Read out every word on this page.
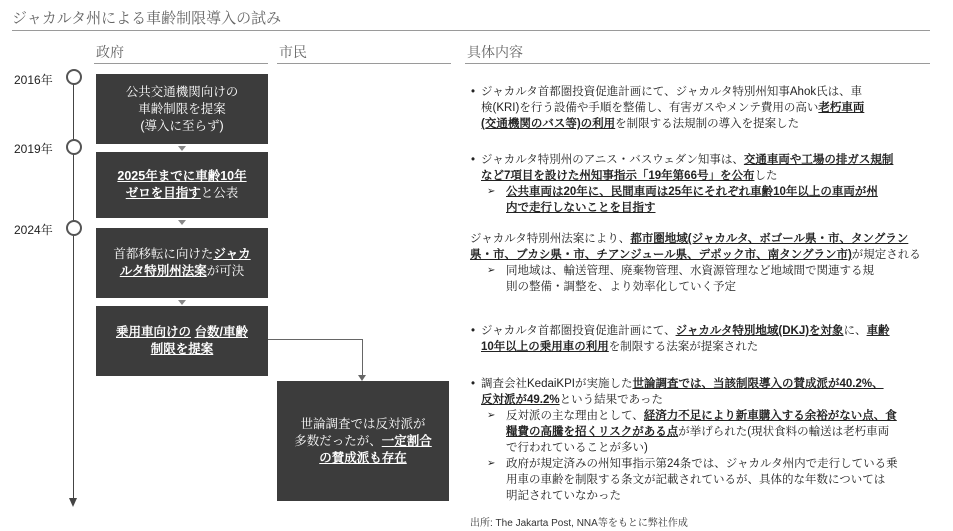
ジャカルタ州による車齢制限導入の試み
政府	市民	具体内容
2016年
2019年
2024年
公共交通機関向けの
車齢制限を提案
(導入に至らず)
2025年までに車齢10年
ゼロを目指すと公表
首都移転に向けたジャカ
ルタ特別州法案が可決
乗用車向けの 台数/車齢
制限を提案
世論調査では反対派が
多数だったが、一定割合
の賛成派も存在
• ジャカルタ首都圏投資促進計画にて、ジャカルタ特別州知事Ahok氏は、車
検(KRI)を行う設備や手順を整備し、有害ガスやメンテ費用の高い老朽車両
(交通機関のバス等)の利用を制限する法規制の導入を提案した
• ジャカルタ特別州のアニス・バスウェダン知事は、交通車両や工場の排ガス規制
など7項目を設けた州知事指示「19年第66号」を公布した
➢ 公共車両は20年に、民間車両は25年にそれぞれ車齢10年以上の車両が州
内で走行しないことを目指す
ジャカルタ特別州法案により、都市圏地域(ジャカルタ、ボゴール県・市、タングラン
県・市、ブカシ県・市、チアンジュール県、デポック市、南タングラン市)が規定される
➢ 同地域は、輸送管理、廃棄物管理、水資源管理など地域間で関連する規
則の整備・調整を、より効率化していく予定
• ジャカルタ首都圏投資促進計画にて、ジャカルタ特別地域(DKJ)を対象に、車齢
10年以上の乗用車の利用を制限する法案が提案された
• 調査会社KedaiKPIが実施した世論調査では、当該制限導入の賛成派が40.2%、
反対派が49.2%という結果であった
➢ 反対派の主な理由として、経済力不足により新車購入する余裕がない点、食
糧費の高騰を招くリスクがある点が挙げられた(現状食料の輸送は老朽車両
で行われていることが多い)
➢ 政府が規定済みの州知事指示第24条では、ジャカルタ州内で走行している乗
用車の車齢を制限する条文が記載されているが、具体的な年数については
明記されていなかった
出所: The Jakarta Post, NNA等をもとに弊社作成
